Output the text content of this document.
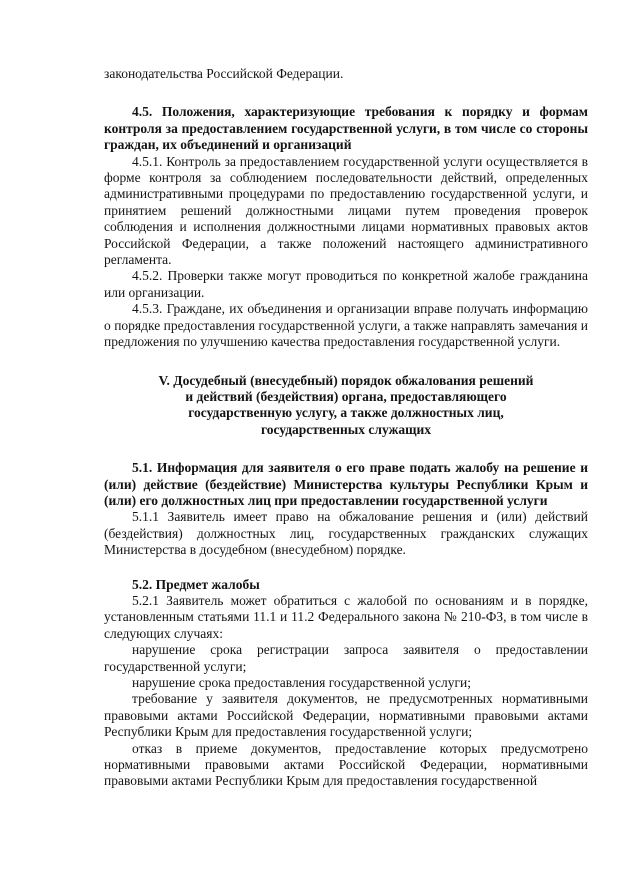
законодательства Российской Федерации.

4.5. Положения, характеризующие требования к порядку и формам контроля за предоставлением государственной услуги, в том числе со стороны граждан, их объединений и организаций

4.5.1. Контроль за предоставлением государственной услуги осуществляется в форме контроля за соблюдением последовательности действий, определенных административными процедурами по предоставлению государственной услуги, и принятием решений должностными лицами путем проведения проверок соблюдения и исполнения должностными лицами нормативных правовых актов Российской Федерации, а также положений настоящего административного регламента.

4.5.2. Проверки также могут проводиться по конкретной жалобе гражданина или организации.

4.5.3. Граждане, их объединения и организации вправе получать информацию о порядке предоставления государственной услуги, а также направлять замечания и предложения по улучшению качества предоставления государственной услуги.

V. Досудебный (внесудебный) порядок обжалования решений

и действий (бездействия) органа, предоставляющего

государственную услугу, а также должностных лиц,

государственных служащих

5.1. Информация для заявителя о его праве подать жалобу на решение и (или) действие (бездействие) Министерства культуры Республики Крым и (или) его должностных лиц при предоставлении государственной услуги

5.1.1 Заявитель имеет право на обжалование решения и (или) действий (бездействия) должностных лиц, государственных гражданских служащих Министерства в досудебном (внесудебном) порядке.

5.2. Предмет жалобы

5.2.1 Заявитель может обратиться с жалобой по основаниям и в порядке, установленным статьями 11.1 и 11.2 Федерального закона № 210-ФЗ, в том числе в следующих случаях:

нарушение срока регистрации запроса заявителя о предоставлении государственной услуги;

нарушение срока предоставления государственной услуги;

требование у заявителя документов, не предусмотренных нормативными правовыми актами Российской Федерации, нормативными правовыми актами Республики Крым для предоставления государственной услуги;

отказ в приеме документов, предоставление которых предусмотрено нормативными правовыми актами Российской Федерации, нормативными правовыми актами Республики Крым для предоставления государственной
